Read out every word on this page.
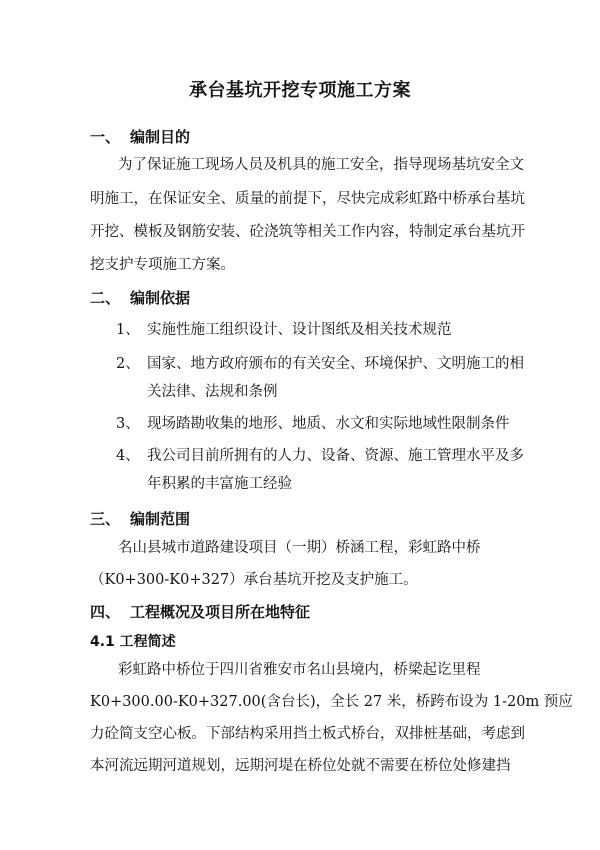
承台基坑开挖专项施工方案
一、 编制目的
为了保证施工现场人员及机具的施工安全，指导现场基坑安全文
明施工，在保证安全、质量的前提下，尽快完成彩虹路中桥承台基坑
开挖、模板及钢筋安装、砼浇筑等相关工作内容，特制定承台基坑开
挖支护专项施工方案。
二、 编制依据
1、 实施性施工组织设计、设计图纸及相关技术规范
2、 国家、地方政府颁布的有关安全、环境保护、文明施工的相
关法律、法规和条例
3、 现场踏勘收集的地形、地质、水文和实际地域性限制条件
4、 我公司目前所拥有的人力、设备、资源、施工管理水平及多
年积累的丰富施工经验
三、 编制范围
名山县城市道路建设项目（一期）桥涵工程，彩虹路中桥
（K0+300-K0+327）承台基坑开挖及支护施工。
四、 工程概况及项目所在地特征
4.1 工程简述
彩虹路中桥位于四川省雅安市名山县境内，桥梁起讫里程
K0+300.00-K0+327.00(含台长)，全长 27 米，桥跨布设为 1-20m 预应
力砼简支空心板。下部结构采用挡土板式桥台，双排桩基础，考虑到
本河流远期河道规划，远期河堤在桥位处就不需要在桥位处修建挡
